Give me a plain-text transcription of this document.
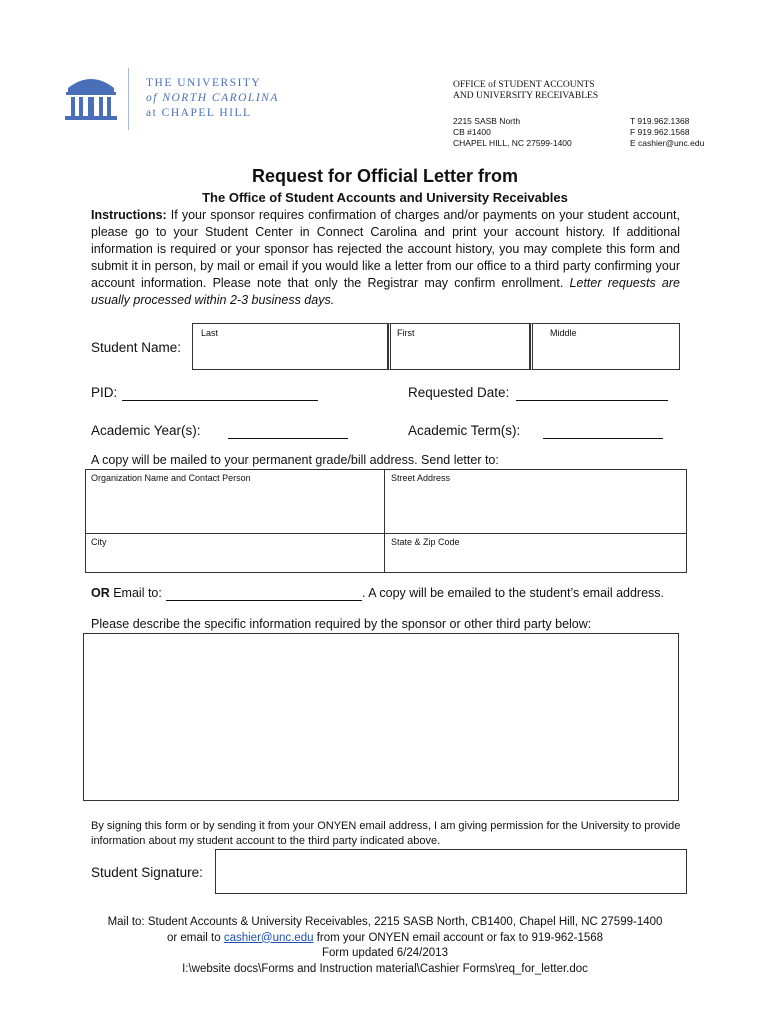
THE UNIVERSITY
of NORTH CAROLINA
at CHAPEL HILL
OFFICE of STUDENT ACCOUNTS
AND UNIVERSITY RECEIVABLES
2215 SASB North
CB #1400
CHAPEL HILL, NC 27599-1400
T 919.962.1368
F 919.962.1568
E cashier@unc.edu
Request for Official Letter from
The Office of Student Accounts and University Receivables
Instructions: If your sponsor requires confirmation of charges and/or payments on your student account, please go to your Student Center in Connect Carolina and print your account history. If additional information is required or your sponsor has rejected the account history, you may complete this form and submit it in person, by mail or email if you would like a letter from our office to a third party confirming your account information. Please note that only the Registrar may confirm enrollment. Letter requests are usually processed within 2-3 business days.
Student Name:
Last	First	Middle
PID:	Requested Date:
Academic Year(s):	Academic Term(s):
A copy will be mailed to your permanent grade/bill address. Send letter to:
Organization Name and Contact Person	Street Address
City	State & Zip Code
OR Email to:	. A copy will be emailed to the student’s email address.
Please describe the specific information required by the sponsor or other third party below:
By signing this form or by sending it from your ONYEN email address, I am giving permission for the University to provide information about my student account to the third party indicated above.
Student Signature:
Mail to: Student Accounts & University Receivables, 2215 SASB North, CB1400, Chapel Hill, NC 27599-1400
or email to cashier@unc.edu from your ONYEN email account or fax to 919-962-1568
Form updated 6/24/2013
I:\website docs\Forms and Instruction material\Cashier Forms\req_for_letter.doc
